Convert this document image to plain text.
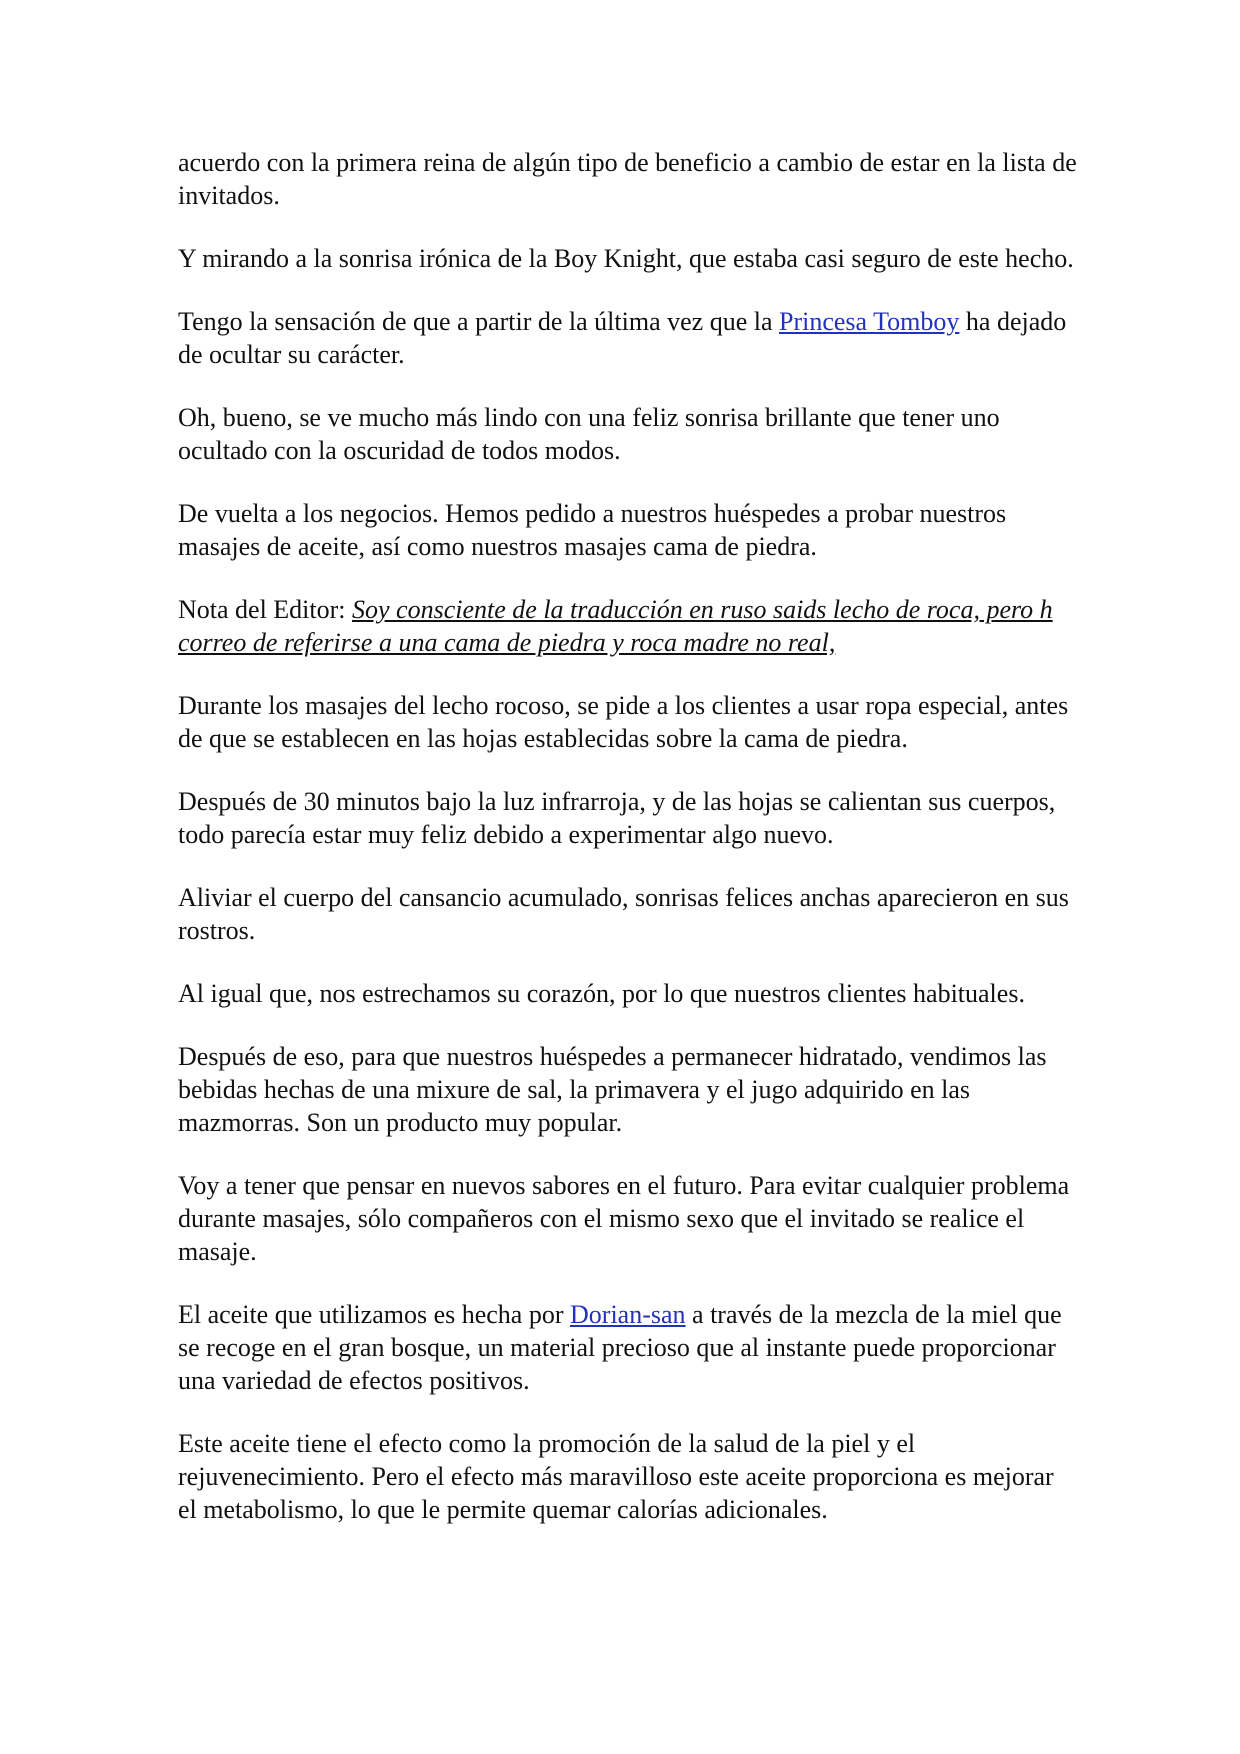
acuerdo con la primera reina de algún tipo de beneficio a cambio de estar en la lista de invitados.

Y mirando a la sonrisa irónica de la Boy Knight, que estaba casi seguro de este hecho.

Tengo la sensación de que a partir de la última vez que la Princesa Tomboy ha dejado de ocultar su carácter.

Oh, bueno, se ve mucho más lindo con una feliz sonrisa brillante que tener uno ocultado con la oscuridad de todos modos.

De vuelta a los negocios. Hemos pedido a nuestros huéspedes a probar nuestros masajes de aceite, así como nuestros masajes cama de piedra.

Nota del Editor: Soy consciente de la traducción en ruso saids lecho de roca, pero h correo de referirse a una cama de piedra y roca madre no real,

Durante los masajes del lecho rocoso, se pide a los clientes a usar ropa especial, antes de que se establecen en las hojas establecidas sobre la cama de piedra.

Después de 30 minutos bajo la luz infrarroja, y de las hojas se calientan sus cuerpos, todo parecía estar muy feliz debido a experimentar algo nuevo.

Aliviar el cuerpo del cansancio acumulado, sonrisas felices anchas aparecieron en sus rostros.

Al igual que, nos estrechamos su corazón, por lo que nuestros clientes habituales.

Después de eso, para que nuestros huéspedes a permanecer hidratado, vendimos las bebidas hechas de una mixure de sal, la primavera y el jugo adquirido en las mazmorras. Son un producto muy popular.

Voy a tener que pensar en nuevos sabores en el futuro. Para evitar cualquier problema durante masajes, sólo compañeros con el mismo sexo que el invitado se realice el masaje.

El aceite que utilizamos es hecha por Dorian-san a través de la mezcla de la miel que se recoge en el gran bosque, un material precioso que al instante puede proporcionar una variedad de efectos positivos.

Este aceite tiene el efecto como la promoción de la salud de la piel y el rejuvenecimiento. Pero el efecto más maravilloso este aceite proporciona es mejorar el metabolismo, lo que le permite quemar calorías adicionales.
